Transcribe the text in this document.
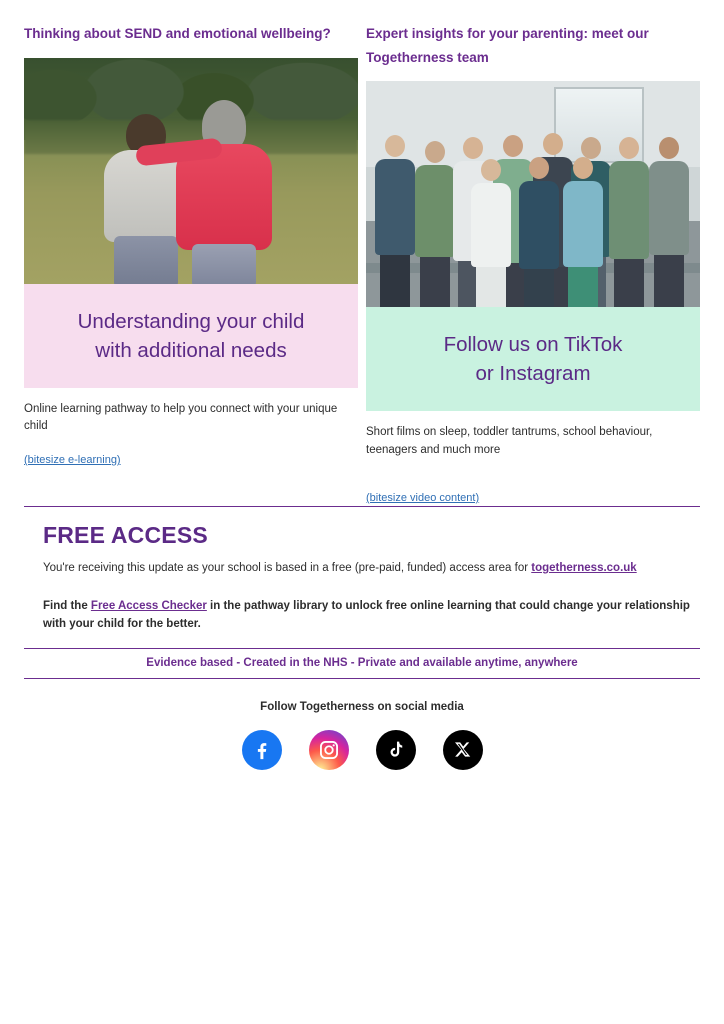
Thinking about SEND and emotional wellbeing?
Understanding your child
with additional needs
Online learning pathway to help you connect with your unique child
(bitesize e-learning)
Expert insights for your parenting: meet our Togetherness team
Follow us on TikTok
or Instagram
Short films on sleep, toddler tantrums, school behaviour, teenagers and much more
(bitesize video content)
FREE ACCESS

You're receiving this update as your school is based in a free (pre-paid, funded) access area for togetherness.co.uk

Find the Free Access Checker in the pathway library to unlock free online learning that could change your relationship with your child for the better.

Evidence based - Created in the NHS - Private and available anytime, anywhere
Follow Togetherness on social media
